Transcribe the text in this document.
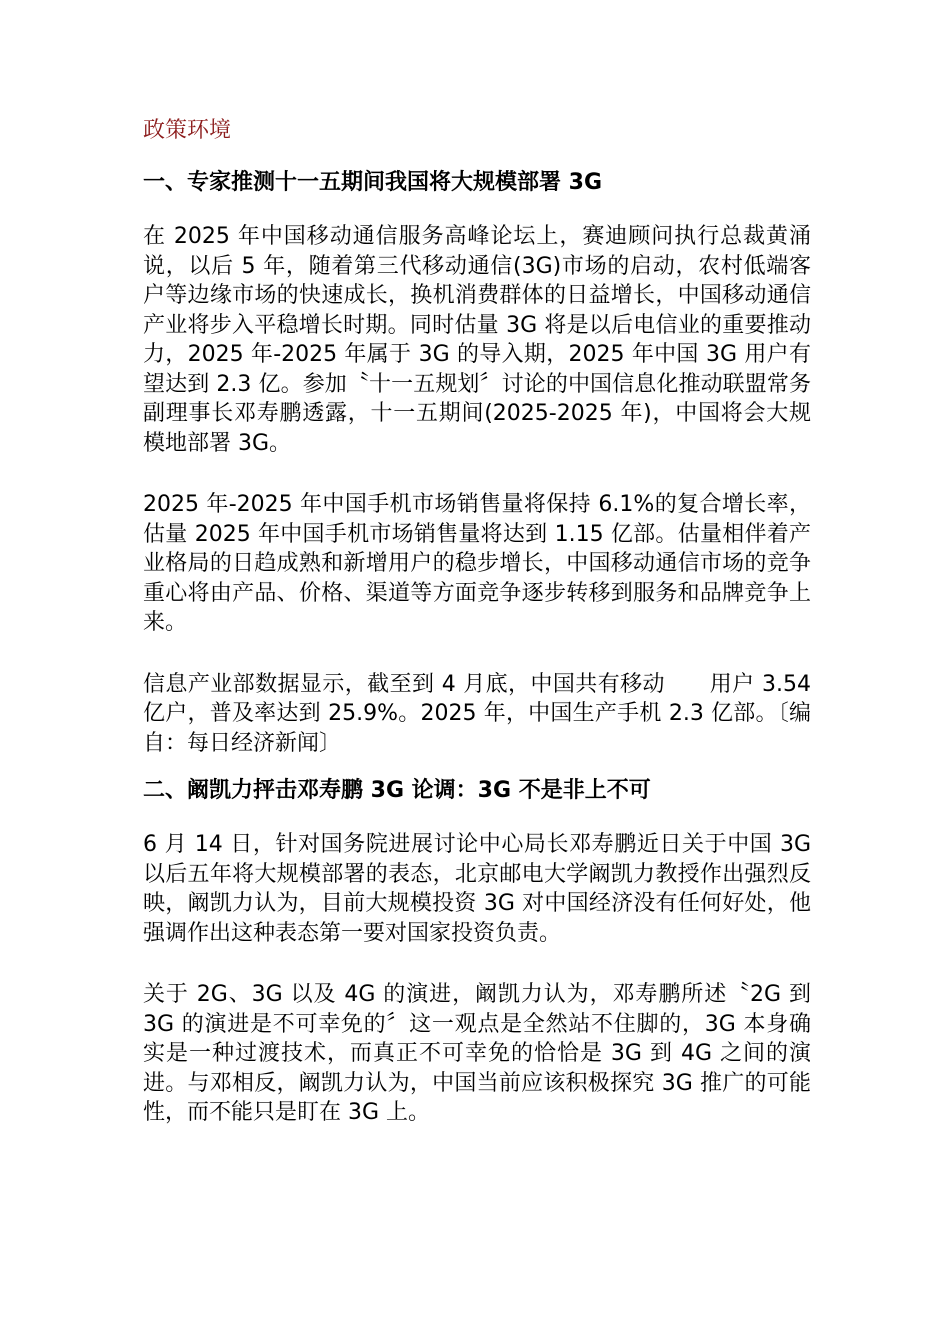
政策环境
一、专家推测十一五期间我国将大规模部署 3G

在 2025 年中国移动通信服务高峰论坛上，赛迪顾问执行总裁黄涌说，以后 5 年，随着第三代移动通信(3G)市场的启动，农村低端客户等边缘市场的快速成长，换机消费群体的日益增长，中国移动通信产业将步入平稳增长时期。同时估量 3G 将是以后电信业的重要推动力，2025 年-2025 年属于 3G 的导入期，2025 年中国 3G 用户有望达到 2.3 亿。参加〝十一五规划〞讨论的中国信息化推动联盟常务副理事长邓寿鹏透露，十一五期间(2025-2025 年)，中国将会大规模地部署 3G。

2025 年-2025 年中国手机市场销售量将保持 6.1%的复合增长率，估量 2025 年中国手机市场销售量将达到 1.15 亿部。估量相伴着产业格局的日趋成熟和新增用户的稳步增长，中国移动通信市场的竞争重心将由产品、价格、渠道等方面竞争逐步转移到服务和品牌竞争上来。

信息产业部数据显示，截至到 4 月底，中国共有移动　　用户 3.54 亿户，普及率达到 25.9%。2025 年，中国生产手机 2.3 亿部。〔编自：每日经济新闻〕

二、阚凯力抨击邓寿鹏 3G 论调：3G 不是非上不可

6 月 14 日，针对国务院进展讨论中心局长邓寿鹏近日关于中国 3G 以后五年将大规模部署的表态，北京邮电大学阚凯力教授作出强烈反映，阚凯力认为，目前大规模投资 3G 对中国经济没有任何好处，他强调作出这种表态第一要对国家投资负责。

关于 2G、3G 以及 4G 的演进，阚凯力认为，邓寿鹏所述〝2G 到 3G 的演进是不可幸免的〞这一观点是全然站不住脚的，3G 本身确实是一种过渡技术，而真正不可幸免的恰恰是 3G 到 4G 之间的演进。与邓相反，阚凯力认为，中国当前应该积极探究 3G 推广的可能性，而不能只是盯在 3G 上。
